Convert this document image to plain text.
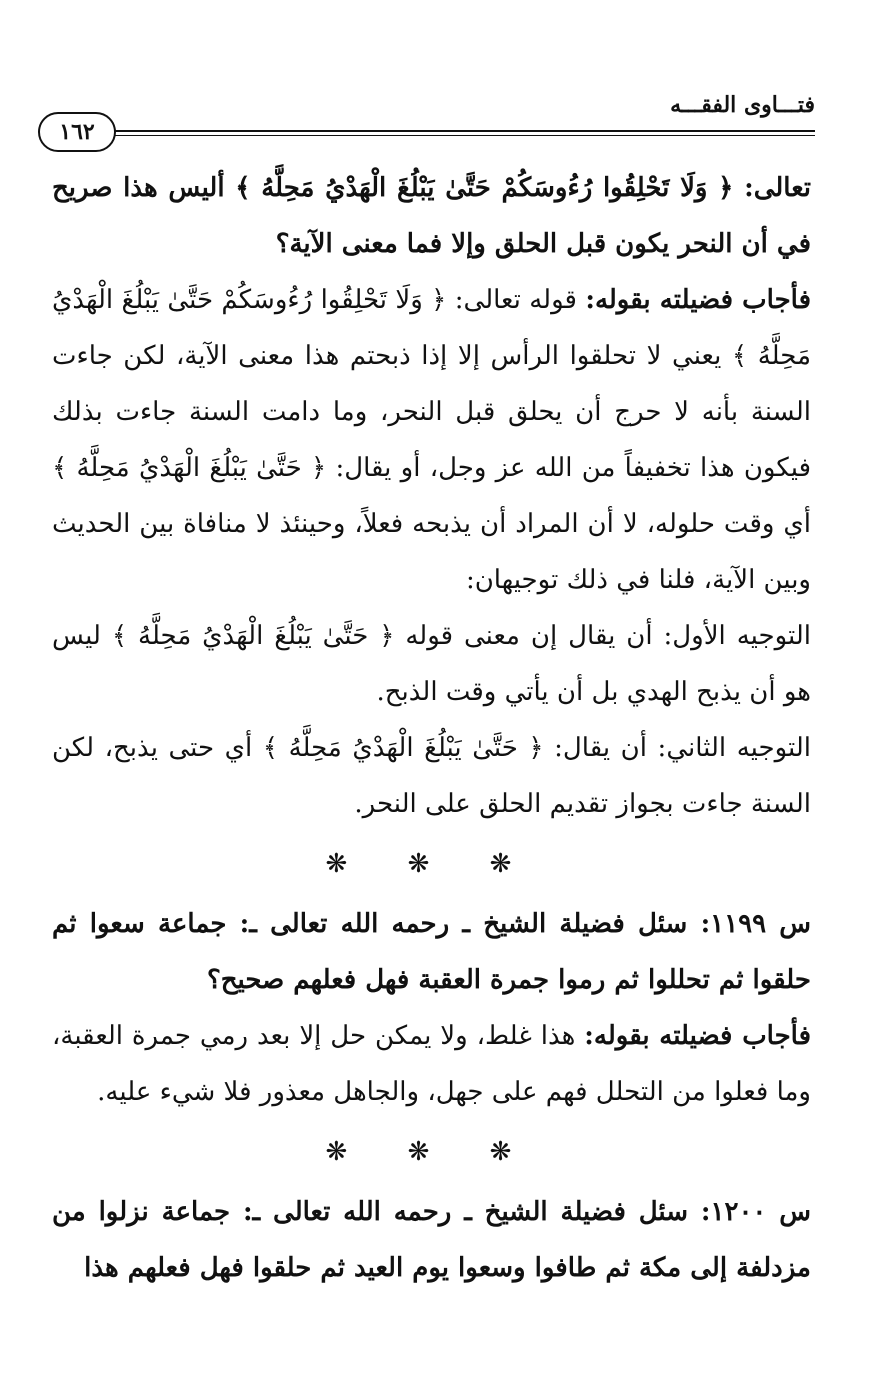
فتـــاوى الفقـــه
١٦٢

تعالى: ﴿ وَلَا تَحْلِقُوا رُءُوسَكُمْ حَتَّىٰ يَبْلُغَ الْهَدْيُ مَحِلَّهُ ﴾ أليس هذا صريح في أن النحر يكون قبل الحلق وإلا فما معنى الآية؟

فأجاب فضيلته بقوله: قوله تعالى: ﴿ وَلَا تَحْلِقُوا رُءُوسَكُمْ حَتَّىٰ يَبْلُغَ الْهَدْيُ مَحِلَّهُ ﴾ يعني لا تحلقوا الرأس إلا إذا ذبحتم هذا معنى الآية، لكن جاءت السنة بأنه لا حرج أن يحلق قبل النحر، وما دامت السنة جاءت بذلك فيكون هذا تخفيفاً من الله عز وجل، أو يقال: ﴿ حَتَّىٰ يَبْلُغَ الْهَدْيُ مَحِلَّهُ ﴾ أي وقت حلوله، لا أن المراد أن يذبحه فعلاً، وحينئذ لا منافاة بين الحديث وبين الآية، فلنا في ذلك توجيهان:

التوجيه الأول: أن يقال إن معنى قوله ﴿ حَتَّىٰ يَبْلُغَ الْهَدْيُ مَحِلَّهُ ﴾ ليس هو أن يذبح الهدي بل أن يأتي وقت الذبح.

التوجيه الثاني: أن يقال: ﴿ حَتَّىٰ يَبْلُغَ الْهَدْيُ مَحِلَّهُ ﴾ أي حتى يذبح، لكن السنة جاءت بجواز تقديم الحلق على النحر.

❋ ❋ ❋

س ١١٩٩: سئل فضيلة الشيخ ـ رحمه الله تعالى ـ: جماعة سعوا ثم حلقوا ثم تحللوا ثم رموا جمرة العقبة فهل فعلهم صحيح؟

فأجاب فضيلته بقوله: هذا غلط، ولا يمكن حل إلا بعد رمي جمرة العقبة، وما فعلوا من التحلل فهم على جهل، والجاهل معذور فلا شيء عليه.

❋ ❋ ❋

س ١٢٠٠: سئل فضيلة الشيخ ـ رحمه الله تعالى ـ: جماعة نزلوا من مزدلفة إلى مكة ثم طافوا وسعوا يوم العيد ثم حلقوا فهل فعلهم هذا
